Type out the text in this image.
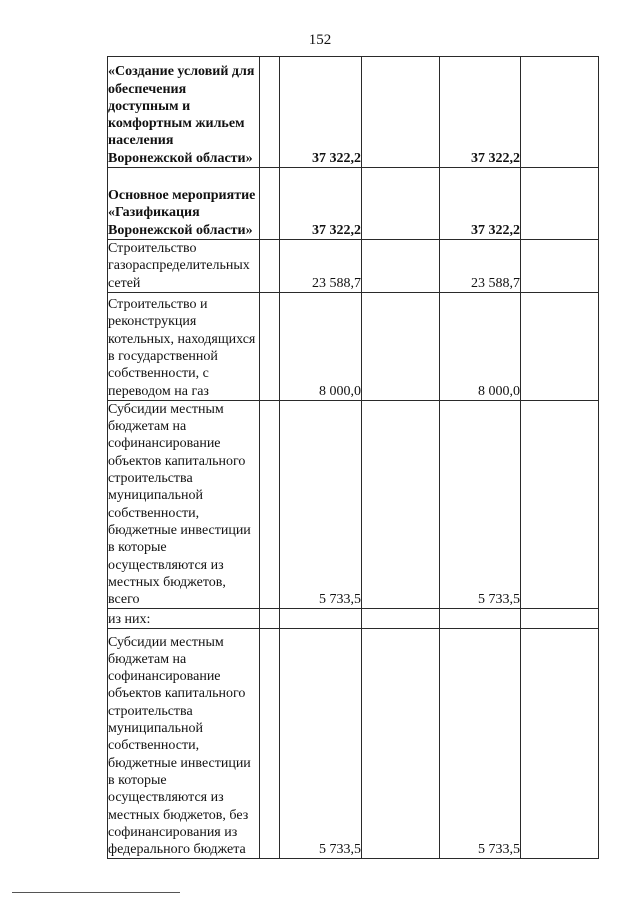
152
«Создание условий для обеспечения доступным и комфортным жильем населения Воронежской области»		37 322,2		37 322,2	
Основное мероприятие «Газификация Воронежской области»		37 322,2		37 322,2	
Строительство газораспределительных сетей		23 588,7		23 588,7	
Строительство и реконструкция котельных, находящихся в государственной собственности, с переводом на газ		8 000,0		8 000,0	
Субсидии местным бюджетам на софинансирование объектов капитального строительства муниципальной собственности, бюджетные инвестиции в которые осуществляются из местных бюджетов, всего		5 733,5		5 733,5	
из них:					
Субсидии местным бюджетам на софинансирование объектов капитального строительства муниципальной собственности, бюджетные инвестиции в которые осуществляются из местных бюджетов, без софинансирования из федерального бюджета		5 733,5		5 733,5	
